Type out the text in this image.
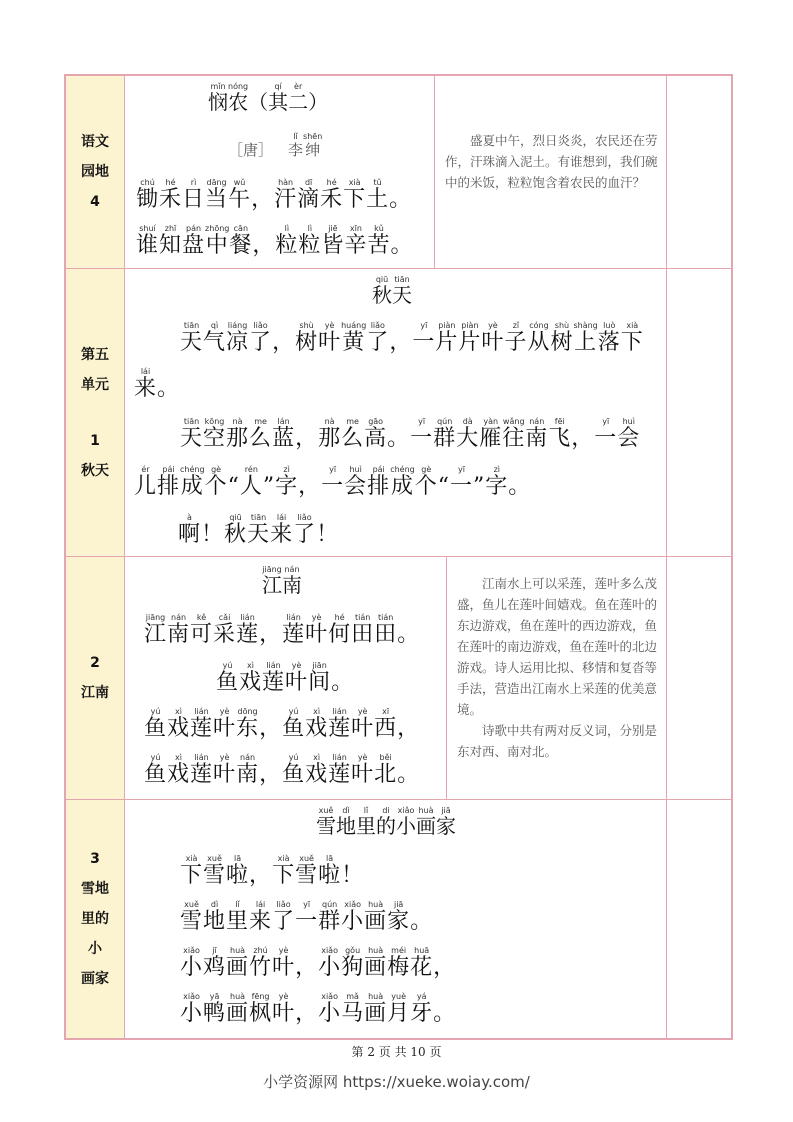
语文
园地
4
悯mǐn农nóng（ 其qí二èr）
［唐］ 　 李lǐ绅shēn
锄chú禾hé日rì当dāng午wǔ， 汗hàn滴dī禾hé下xià土tǔ。
谁shuí知zhī盘pán中zhōng餐cān， 粒lì粒lì皆jiē辛xīn苦kǔ。

盛夏中午，烈日炎炎，农民还在劳作，汗珠滴入泥土。有谁想到，我们碗中的米饭，粒粒饱含着农民的血汗？

第五
单元
1
秋天
秋qiū天tiān
天tiān气qì凉liáng了liǎo， 树shù叶yè黄huáng了liǎo， 一yī片piàn片piàn叶yè子zǐ从cóng树shù上shàng落luò下xià
来lái。
天tiān空kōng那nà么me蓝lán， 那nà么me高gāo。 一yī群qún大dà雁yàn往wǎng南nán飞fēi， 一yī会huì
儿ér排pái成chéng个gè“ 人rén” 字zì， 一yī会huì排pái成chéng个gè“ 一yī” 字zì。
啊à！ 秋qiū天tiān来lái了liǎo！
2
江南
江jiāng南nán
江jiāng南nán可kě采cǎi莲lián， 莲lián叶yè何hé田tián田tián。
鱼yú戏xì莲lián叶yè间jiān。
鱼yú戏xì莲lián叶yè东dōng， 鱼yú戏xì莲lián叶yè西xī，
鱼yú戏xì莲lián叶yè南nán， 鱼yú戏xì莲lián叶yè北běi。

江南水上可以采莲，莲叶多么茂盛，鱼儿在莲叶间嬉戏。鱼在莲叶的东边游戏，鱼在莲叶的西边游戏，鱼在莲叶的南边游戏，鱼在莲叶的北边游戏。诗人运用比拟、移情和复沓等手法，营造出江南水上采莲的优美意境。

诗歌中共有两对反义词，分别是东对西、南对北。

3
雪地
里的
小
画家
雪xuě地dì里lǐ的di小xiǎo画huà家jiā
下xià雪xuě啦lā， 下xià雪xuě啦lā！
雪xuě地dì里lǐ来lái了liǎo一yī群qún小xiǎo画huà家jiā。
小xiǎo鸡jī画huà竹zhú叶yè， 小xiǎo狗gǒu画huà梅méi花huā，
小xiǎo鸭yā画huà枫fēng叶yè， 小xiǎo马mǎ画huà月yuè牙yá。
第 2 页 共 10 页
小学资源网 https://xueke.woiay.com/
